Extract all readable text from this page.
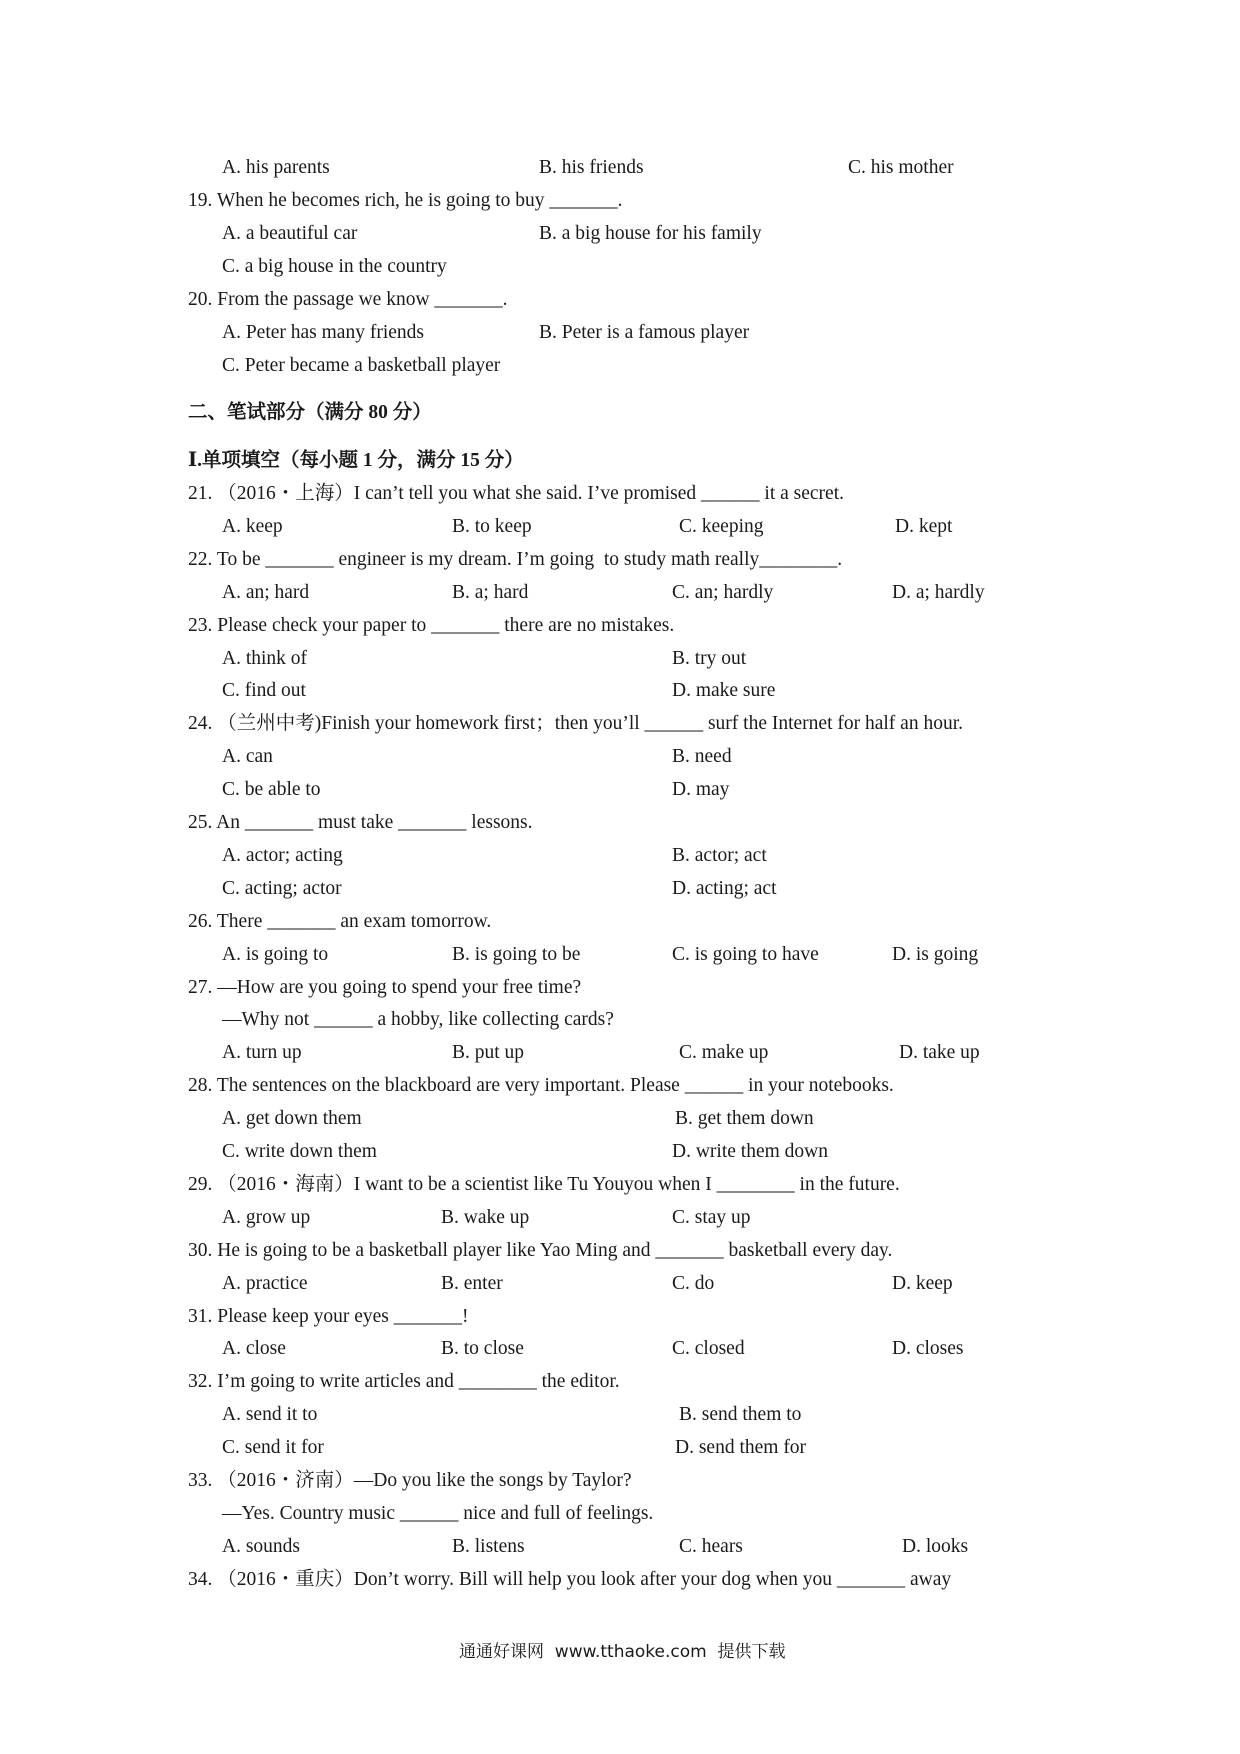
A. his parents	B. his friends	C. his mother
19. When he becomes rich, he is going to buy _______.
A. a beautiful car	B. a big house for his family
C. a big house in the country
20. From the passage we know _______.
A. Peter has many friends	B. Peter is a famous player
C. Peter became a basketball player
二、笔试部分（满分 80 分）
Ⅰ.单项填空（每小题 1 分，满分 15 分）
21. （2016・上海）I can’t tell you what she said. I’ve promised ______ it a secret.
A. keep	B. to keep	C. keeping	D. kept
22. To be _______ engineer is my dream. I’m going  to study math really________.
A. an; hard	B. a; hard	C. an; hardly	D. a; hardly
23. Please check your paper to _______ there are no mistakes.
A. think of	B. try out
C. find out	D. make sure
24. （兰州中考)Finish your homework first；then you’ll ______ surf the Internet for half an hour.
A. can	B. need
C. be able to	D. may
25. An _______ must take _______ lessons.
A. actor; acting	B. actor; act
C. acting; actor	D. acting; act
26. There _______ an exam tomorrow.
A. is going to	B. is going to be	C. is going to have	D. is going
27. —How are you going to spend your free time?
—Why not ______ a hobby, like collecting cards?
A. turn up	B. put up	C. make up	D. take up
28. The sentences on the blackboard are very important. Please ______ in your notebooks.
A. get down them	B. get them down
C. write down them	D. write them down
29. （2016・海南）I want to be a scientist like Tu Youyou when I ________ in the future.
A. grow up	B. wake up	C. stay up
30. He is going to be a basketball player like Yao Ming and _______ basketball every day.
A. practice	B. enter	C. do	D. keep
31. Please keep your eyes _______!
A. close	B. to close	C. closed	D. closes
32. I’m going to write articles and ________ the editor.
A. send it to	B. send them to
C. send it for	D. send them for
33. （2016・济南）—Do you like the songs by Taylor?
—Yes. Country music ______ nice and full of feelings.
A. sounds	B. listens	C. hears	D. looks
34. （2016・重庆）Don’t worry. Bill will help you look after your dog when you _______ away
通通好课网  www.tthaoke.com  提供下载
